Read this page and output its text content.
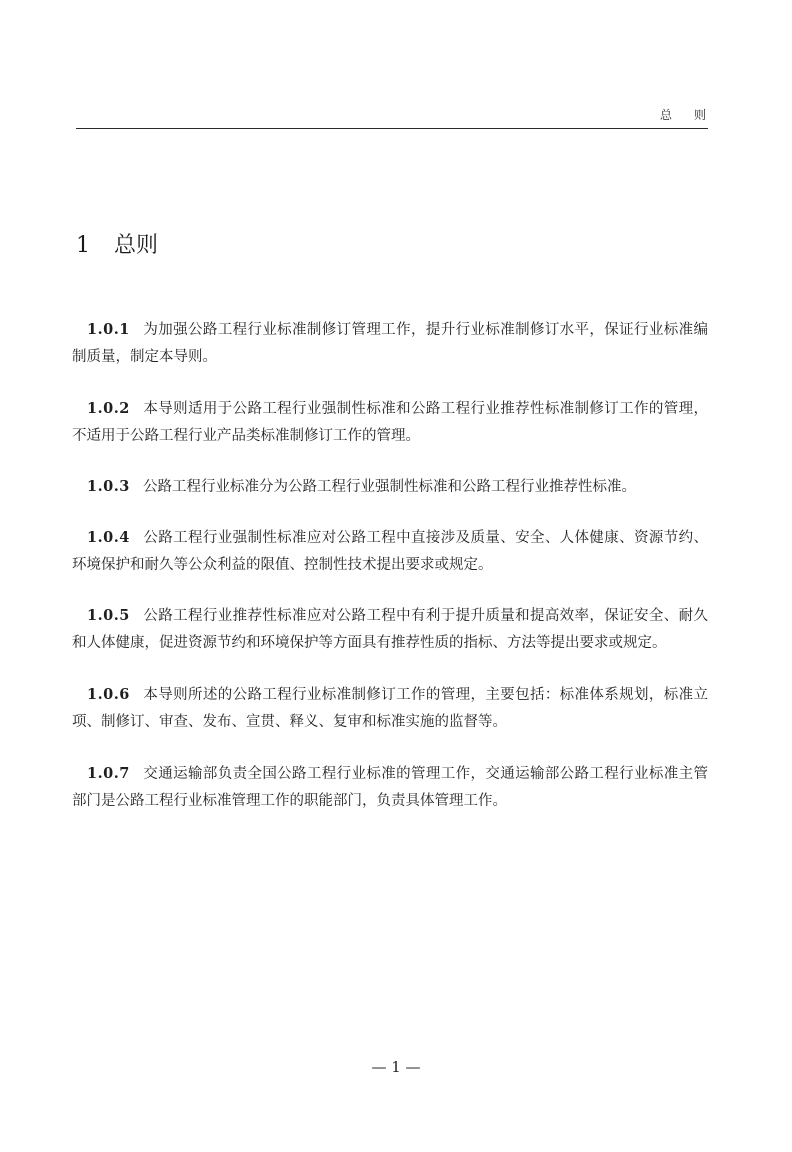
总则
1 总则

1.0.1 为加强公路工程行业标准制修订管理工作，提升行业标准制修订水平，保证行业标准编制质量，制定本导则。

1.0.2 本导则适用于公路工程行业强制性标准和公路工程行业推荐性标准制修订工作的管理，不适用于公路工程行业产品类标准制修订工作的管理。

1.0.3 公路工程行业标准分为公路工程行业强制性标准和公路工程行业推荐性标准。

1.0.4 公路工程行业强制性标准应对公路工程中直接涉及质量、安全、人体健康、资源节约、环境保护和耐久等公众利益的限值、控制性技术提出要求或规定。

1.0.5 公路工程行业推荐性标准应对公路工程中有利于提升质量和提高效率，保证安全、耐久和人体健康，促进资源节约和环境保护等方面具有推荐性质的指标、方法等提出要求或规定。

1.0.6 本导则所述的公路工程行业标准制修订工作的管理，主要包括：标准体系规划，标准立项、制修订、审查、发布、宣贯、释义、复审和标准实施的监督等。

1.0.7 交通运输部负责全国公路工程行业标准的管理工作，交通运输部公路工程行业标准主管部门是公路工程行业标准管理工作的职能部门，负责具体管理工作。

— 1 —
